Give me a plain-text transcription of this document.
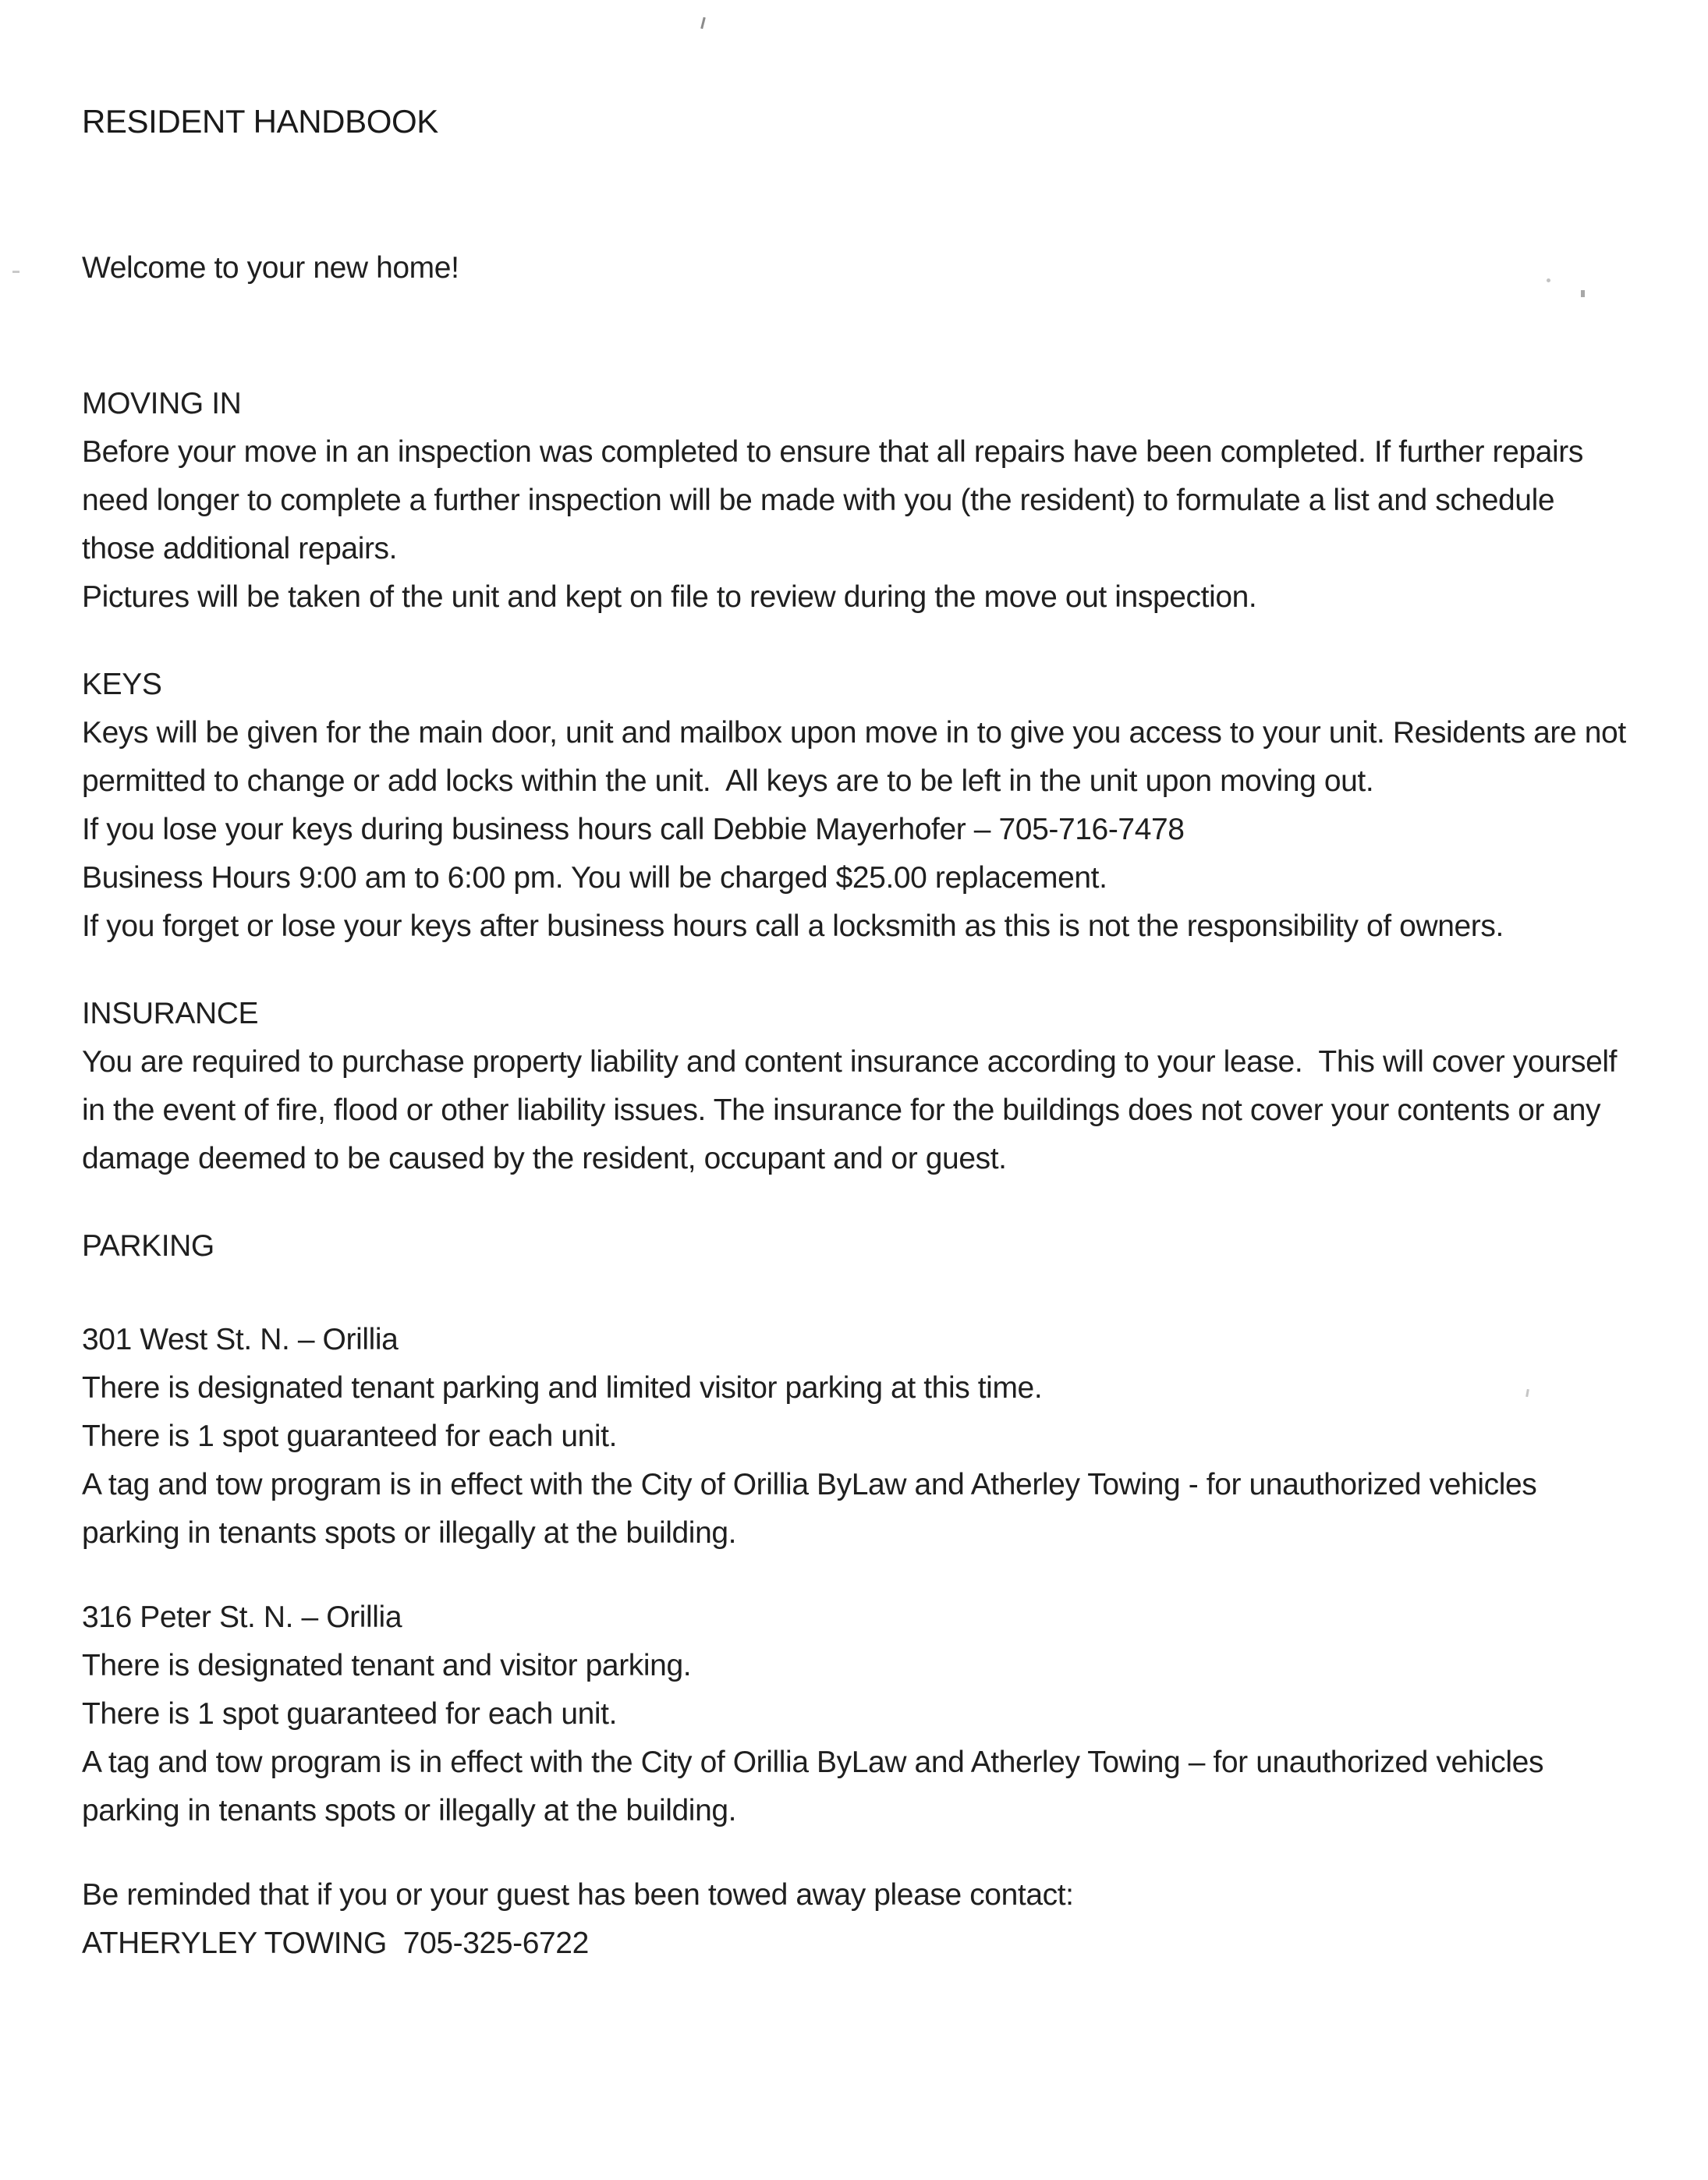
RESIDENT HANDBOOK

Welcome to your new home!

MOVING IN

Before your move in an inspection was completed to ensure that all repairs have been completed. If further repairs need longer to complete a further inspection will be made with you (the resident) to formulate a list and schedule those additional repairs.

Pictures will be taken of the unit and kept on file to review during the move out inspection.

KEYS

Keys will be given for the main door, unit and mailbox upon move in to give you access to your unit. Residents are not permitted to change or add locks within the unit.  All keys are to be left in the unit upon moving out.

If you lose your keys during business hours call Debbie Mayerhofer – 705-716-7478

Business Hours 9:00 am to 6:00 pm. You will be charged $25.00 replacement.

If you forget or lose your keys after business hours call a locksmith as this is not the responsibility of owners.

INSURANCE

You are required to purchase property liability and content insurance according to your lease.  This will cover yourself in the event of fire, flood or other liability issues. The insurance for the buildings does not cover your contents or any damage deemed to be caused by the resident, occupant and or guest.

PARKING

301 West St. N. – Orillia

There is designated tenant parking and limited visitor parking at this time.

There is 1 spot guaranteed for each unit.

A tag and tow program is in effect with the City of Orillia ByLaw and Atherley Towing - for unauthorized vehicles parking in tenants spots or illegally at the building.

316 Peter St. N. – Orillia

There is designated tenant and visitor parking.

There is 1 spot guaranteed for each unit.

A tag and tow program is in effect with the City of Orillia ByLaw and Atherley Towing – for unauthorized vehicles parking in tenants spots or illegally at the building.

Be reminded that if you or your guest has been towed away please contact:

ATHERYLEY TOWING  705-325-6722
